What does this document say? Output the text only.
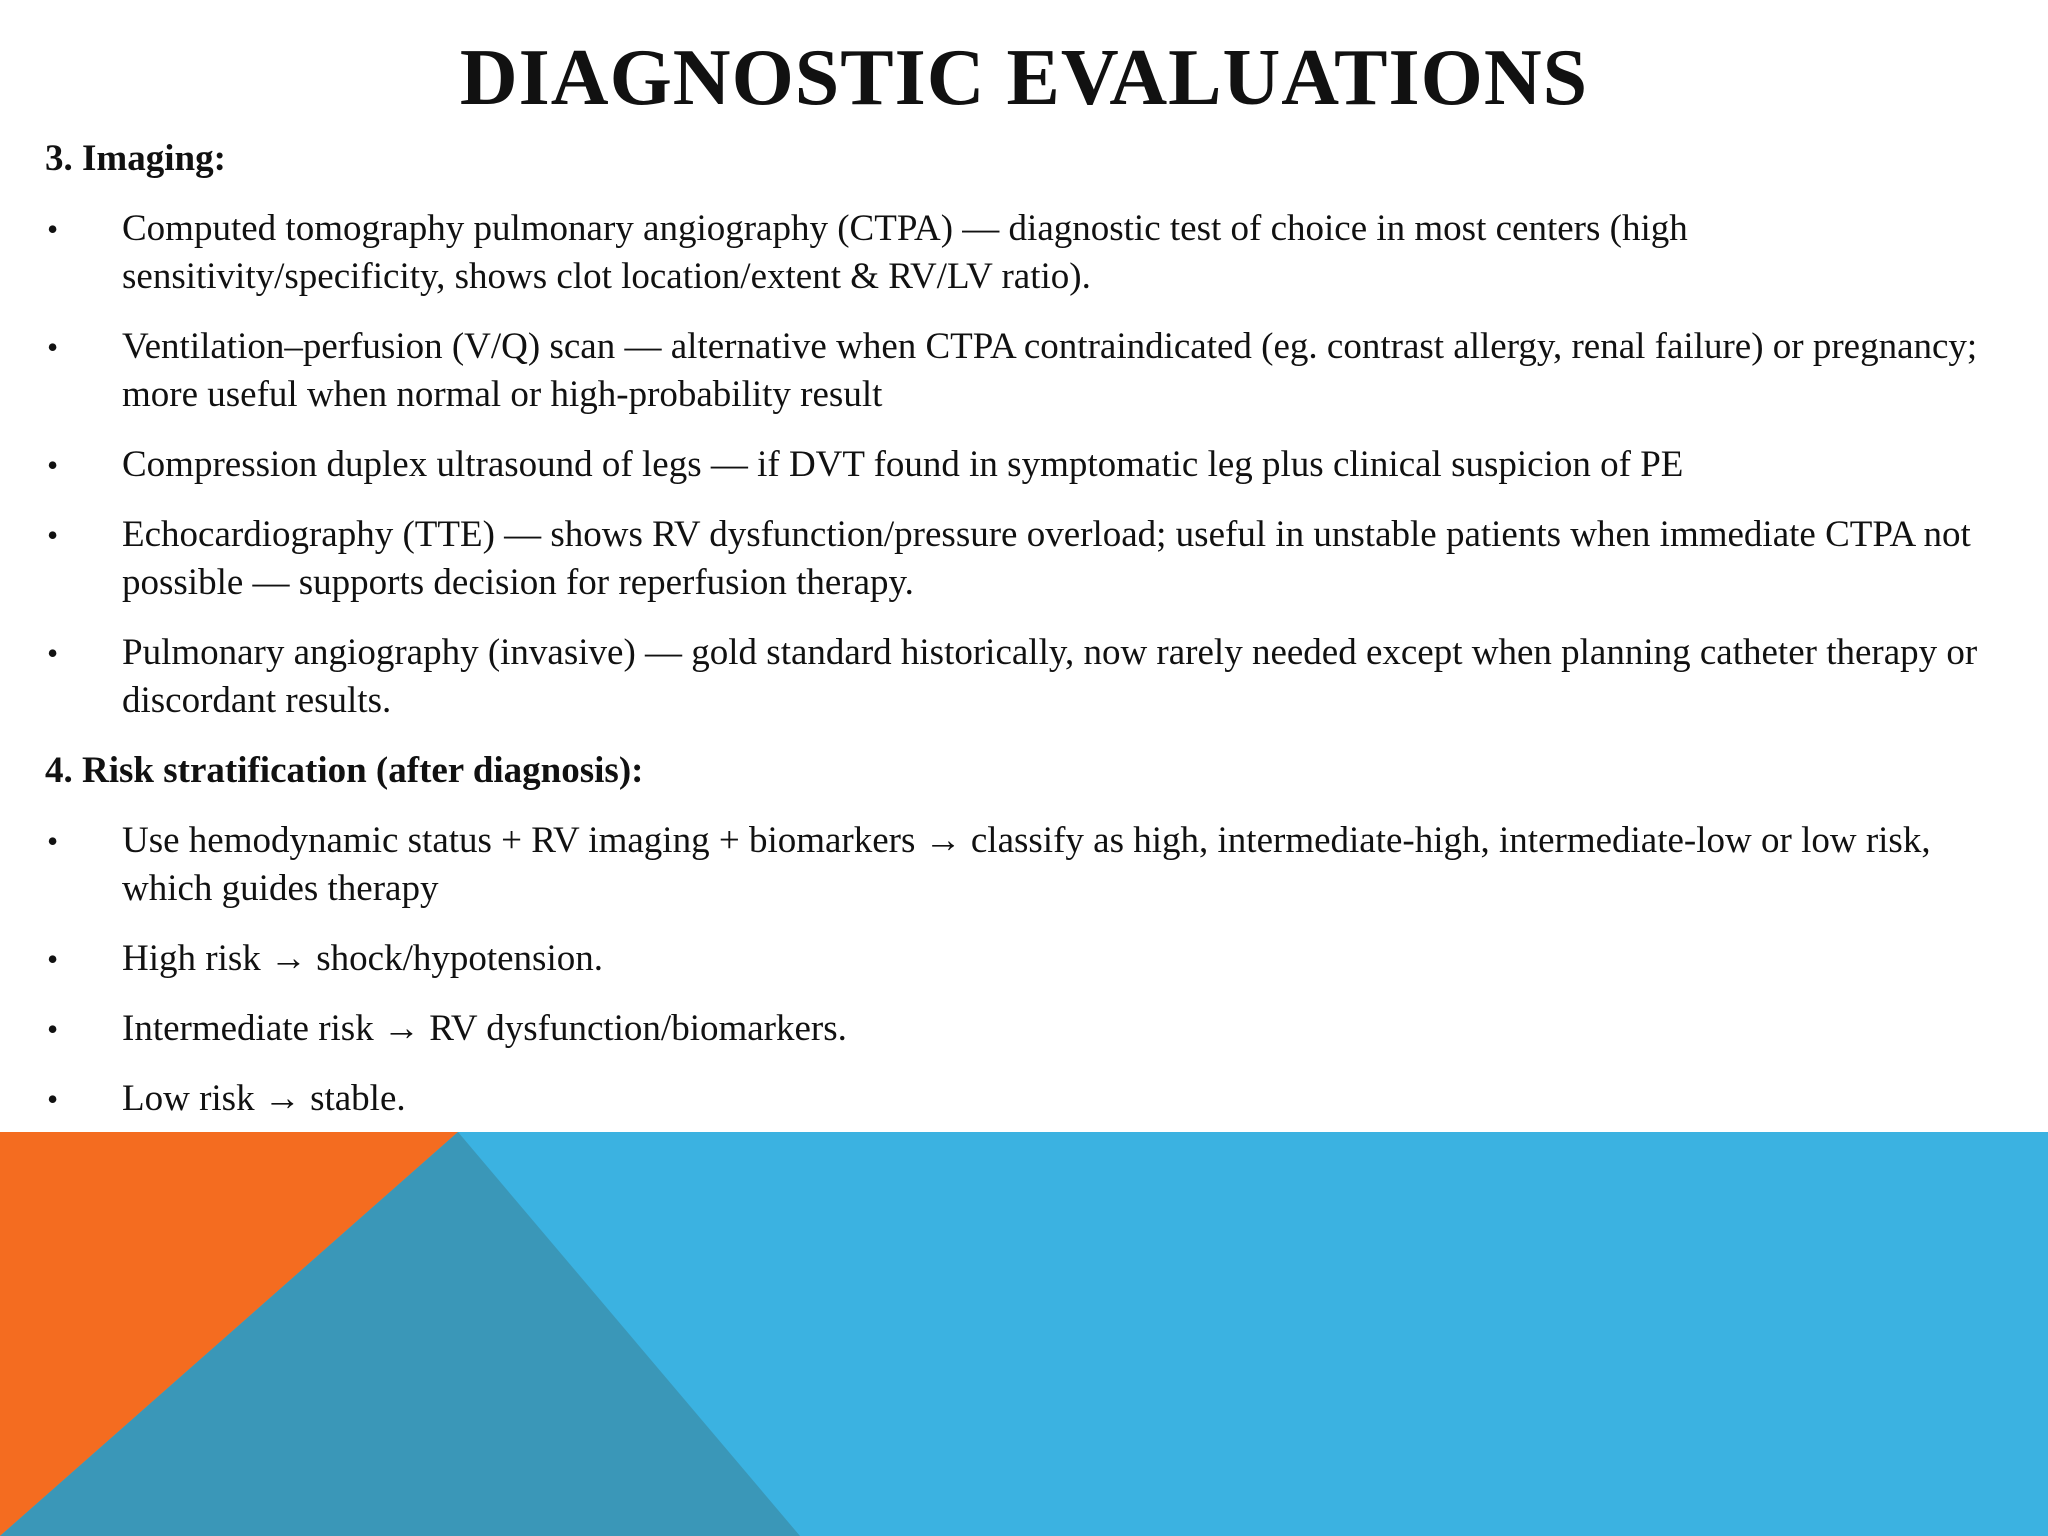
DIAGNOSTIC EVALUATIONS

3. Imaging:

• Computed tomography pulmonary angiography (CTPA) — diagnostic test of choice in most centers (high sensitivity/specificity, shows clot location/extent & RV/LV ratio).
• Ventilation–perfusion (V/Q) scan — alternative when CTPA contraindicated (eg. contrast allergy, renal failure) or pregnancy; more useful when normal or high-probability result
• Compression duplex ultrasound of legs — if DVT found in symptomatic leg plus clinical suspicion of PE
• Echocardiography (TTE) — shows RV dysfunction/pressure overload; useful in unstable patients when immediate CTPA not possible — supports decision for reperfusion therapy.
• Pulmonary angiography (invasive) — gold standard historically, now rarely needed except when planning catheter therapy or discordant results.

4. Risk stratification (after diagnosis):

• Use hemodynamic status + RV imaging + biomarkers → classify as high, intermediate-high, intermediate-low or low risk, which guides therapy
• High risk → shock/hypotension.
• Intermediate risk → RV dysfunction/biomarkers.
• Low risk → stable.
